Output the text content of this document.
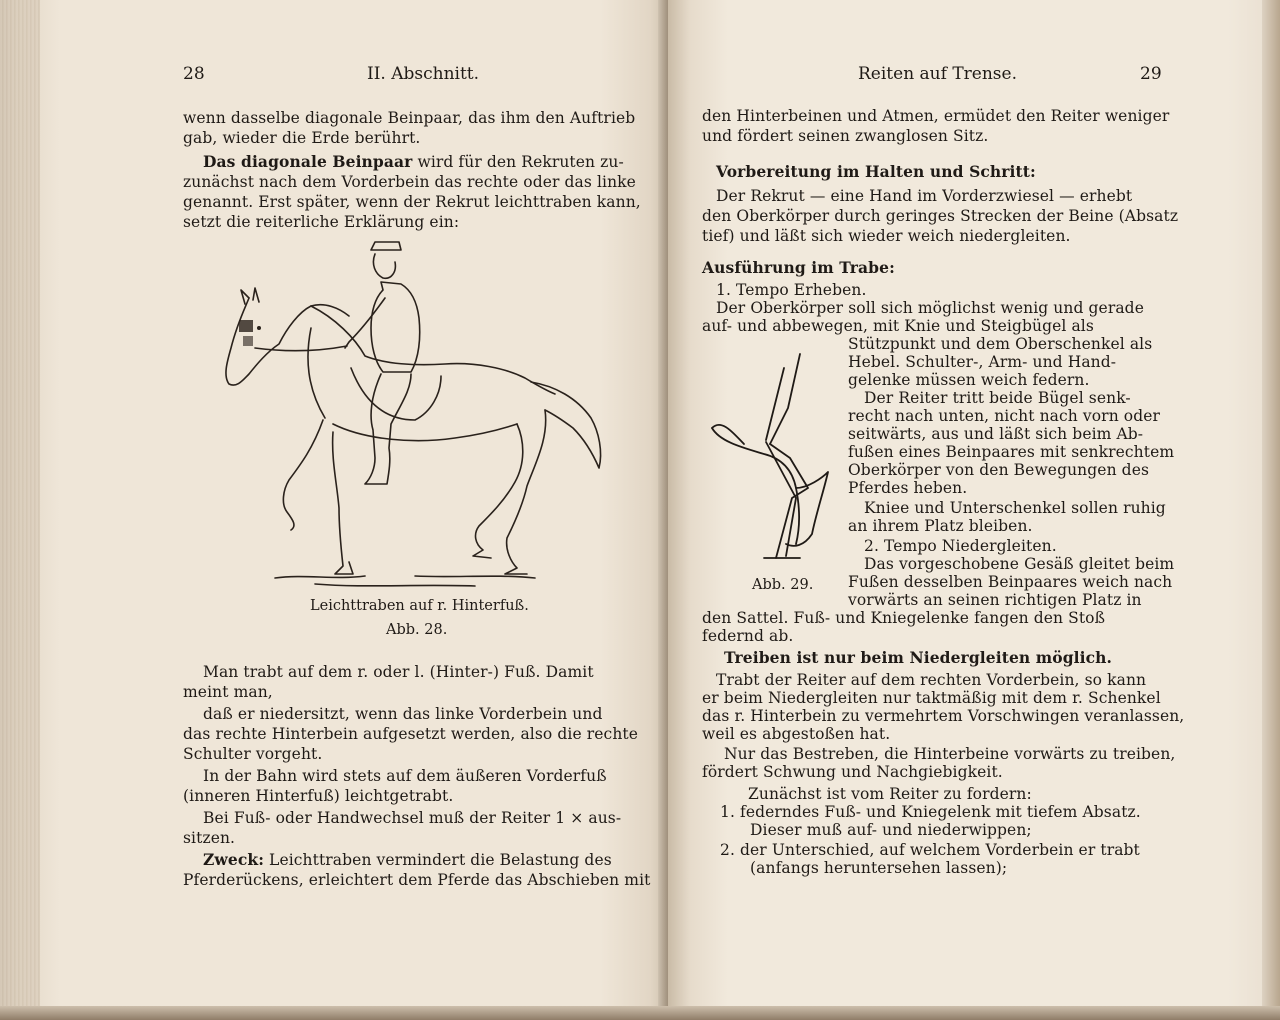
28	II. Abschnitt.
wenn dasselbe diagonale Beinpaar, das ihm den Auftrieb
gab, wieder die Erde berührt.
Das diagonale Beinpaar wird für den Rekruten zu-
zunächst nach dem Vorderbein das rechte oder das linke
genannt. Erst später, wenn der Rekrut leichttraben kann,
setzt die reiterliche Erklärung ein:
Leichttraben auf r. Hinterfuß.
Abb. 28.
Man trabt auf dem r. oder l. (Hinter-) Fuß. Damit
meint man,
daß er niedersitzt, wenn das linke Vorderbein und
das rechte Hinterbein aufgesetzt werden, also die rechte
Schulter vorgeht.
In der Bahn wird stets auf dem äußeren Vorderfuß
(inneren Hinterfuß) leichtgetrabt.
Bei Fuß- oder Handwechsel muß der Reiter 1 × aus-
sitzen.
Zweck: Leichttraben vermindert die Belastung des
Pferderückens, erleichtert dem Pferde das Abschieben mit
Reiten auf Trense.	29
den Hinterbeinen und Atmen, ermüdet den Reiter weniger
und fördert seinen zwanglosen Sitz.
Vorbereitung im Halten und Schritt:
Der Rekrut — eine Hand im Vorderzwiesel — erhebt
den Oberkörper durch geringes Strecken der Beine (Absatz
tief) und läßt sich wieder weich niedergleiten.
Ausführung im Trabe:
1. Tempo Erheben.
Der Oberkörper soll sich möglichst wenig und gerade
auf- und abbewegen, mit Knie und Steigbügel als
Abb. 29.
Stützpunkt und dem Oberschenkel als
Hebel. Schulter-, Arm- und Hand-
gelenke müssen weich federn.
Der Reiter tritt beide Bügel senk-
recht nach unten, nicht nach vorn oder
seitwärts, aus und läßt sich beim Ab-
fußen eines Beinpaares mit senkrechtem
Oberkörper von den Bewegungen des
Pferdes heben.
Kniee und Unterschenkel sollen ruhig
an ihrem Platz bleiben.
2. Tempo Niedergleiten.
Das vorgeschobene Gesäß gleitet beim
Fußen desselben Beinpaares weich nach
vorwärts an seinen richtigen Platz in
den Sattel. Fuß- und Kniegelenke fangen den Stoß
federnd ab.
Treiben ist nur beim Niedergleiten möglich.
Trabt der Reiter auf dem rechten Vorderbein, so kann
er beim Niedergleiten nur taktmäßig mit dem r. Schenkel
das r. Hinterbein zu vermehrtem Vorschwingen veranlassen,
weil es abgestoßen hat.
Nur das Bestreben, die Hinterbeine vorwärts zu treiben,
fördert Schwung und Nachgiebigkeit.
Zunächst ist vom Reiter zu fordern:
1. federndes Fuß- und Kniegelenk mit tiefem Absatz.
Dieser muß auf- und niederwippen;
2. der Unterschied, auf welchem Vorderbein er trabt
(anfangs heruntersehen lassen);
